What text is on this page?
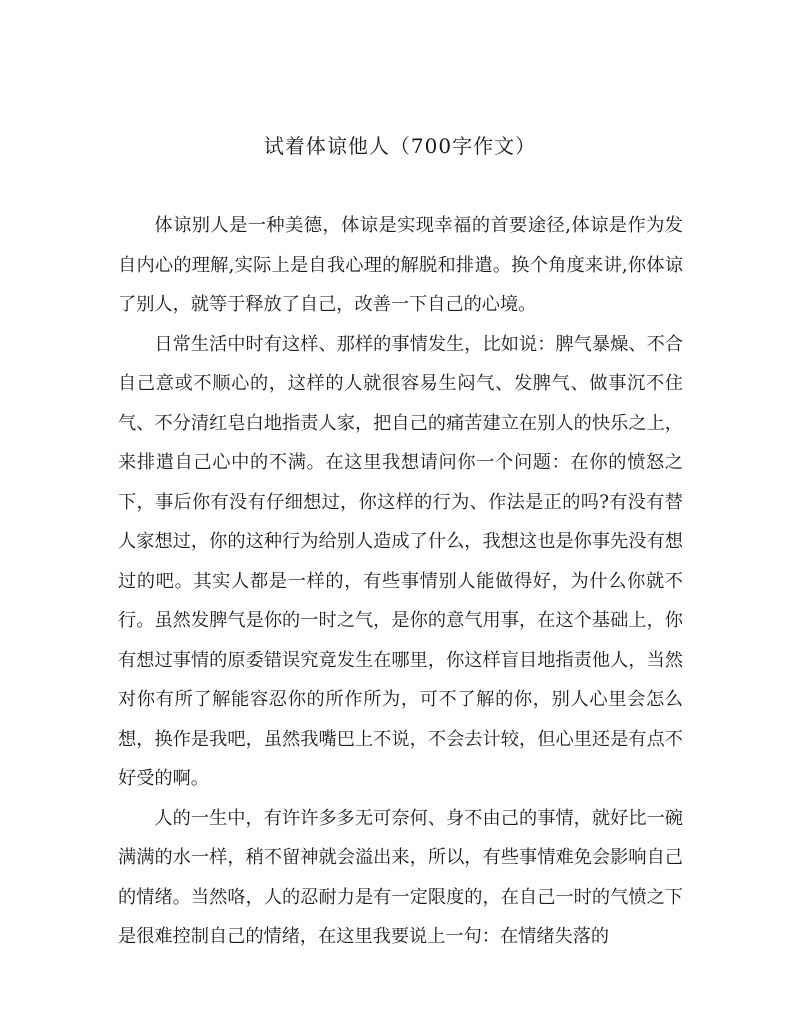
试着体谅他人（700字作文）

体谅别人是一种美德，体谅是实现幸福的首要途径,体谅是作为发自内心的理解,实际上是自我心理的解脱和排遣。换个角度来讲,你体谅了别人，就等于释放了自己，改善一下自己的心境。

日常生活中时有这样、那样的事情发生，比如说：脾气暴燥、不合自己意或不顺心的，这样的人就很容易生闷气、发脾气、做事沉不住气、不分清红皂白地指责人家，把自己的痛苦建立在别人的快乐之上，来排遣自己心中的不满。在这里我想请问你一个问题：在你的愤怒之下，事后你有没有仔细想过，你这样的行为、作法是正的吗?有没有替人家想过，你的这种行为给别人造成了什么，我想这也是你事先没有想过的吧。其实人都是一样的，有些事情别人能做得好，为什么你就不行。虽然发脾气是你的一时之气，是你的意气用事，在这个基础上，你有想过事情的原委错误究竟发生在哪里，你这样盲目地指责他人，当然对你有所了解能容忍你的所作所为，可不了解的你，别人心里会怎么想，换作是我吧，虽然我嘴巴上不说，不会去计较，但心里还是有点不好受的啊。

人的一生中，有许许多多无可奈何、身不由己的事情，就好比一碗满满的水一样，稍不留神就会溢出来，所以，有些事情难免会影响自己的情绪。当然咯，人的忍耐力是有一定限度的，在自己一时的气愤之下是很难控制自己的情绪，在这里我要说上一句：在情绪失落的
